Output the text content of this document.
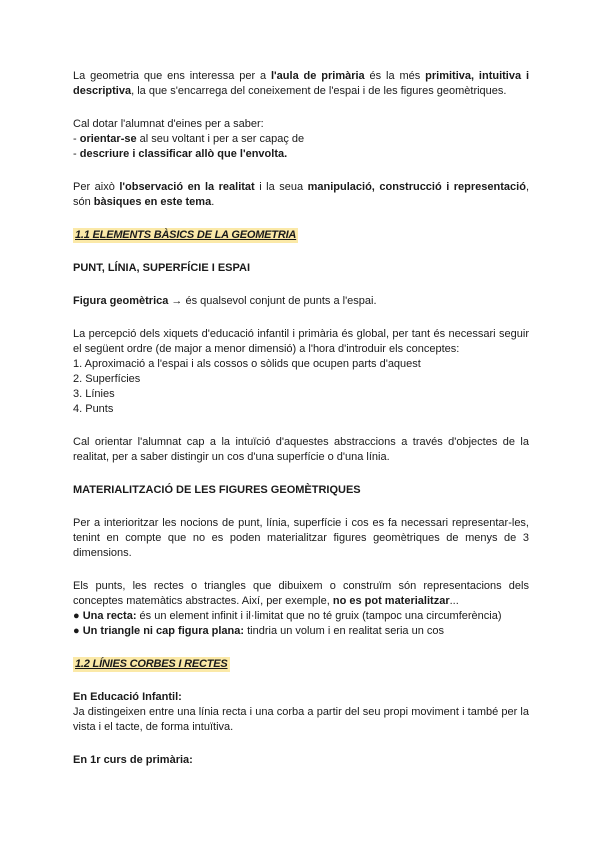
La geometria que ens interessa per a l'aula de primària és la més primitiva, intuitiva i descriptiva, la que s'encarrega del coneixement de l'espai i de les figures geomètriques.

Cal dotar l'alumnat d'eines per a saber:

- orientar-se al seu voltant i per a ser capaç de
- descriure i classificar allò que l'envolta.

Per això l'observació en la realitat i la seua manipulació, construcció i representació, són bàsiques en este tema.

1.1 ELEMENTS BÀSICS DE LA GEOMETRIA

PUNT, LÍNIA, SUPERFÍCIE I ESPAI

Figura geomètrica → és qualsevol conjunt de punts a l'espai.

La percepció dels xiquets d'educació infantil i primària és global, per tant és necessari seguir el següent ordre (de major a menor dimensió) a l'hora d'introduir els conceptes:

1. Aproximació a l'espai i als cossos o sòlids que ocupen parts d'aquest
2. Superfícies
3. Línies
4. Punts

Cal orientar l'alumnat cap a la intuïció d'aquestes abstraccions a través d'objectes de la realitat, per a saber distingir un cos d'una superfície o d'una línia.

MATERIALITZACIÓ DE LES FIGURES GEOMÈTRIQUES

Per a interioritzar les nocions de punt, línia, superfície i cos es fa necessari representar-les, tenint en compte que no es poden materialitzar figures geomètriques de menys de 3 dimensions.

Els punts, les rectes o triangles que dibuixem o construïm són representacions dels conceptes matemàtics abstractes. Així, per exemple, no es pot materialitzar...

● Una recta: és un element infinit i il·limitat que no té gruix (tampoc una circumferència)
● Un triangle ni cap figura plana: tindria un volum i en realitat seria un cos

1.2 LÍNIES CORBES I RECTES

En Educació Infantil:

Ja distingeixen entre una línia recta i una corba a partir del seu propi moviment i també per la vista i el tacte, de forma intuïtiva.

En 1r curs de primària:
